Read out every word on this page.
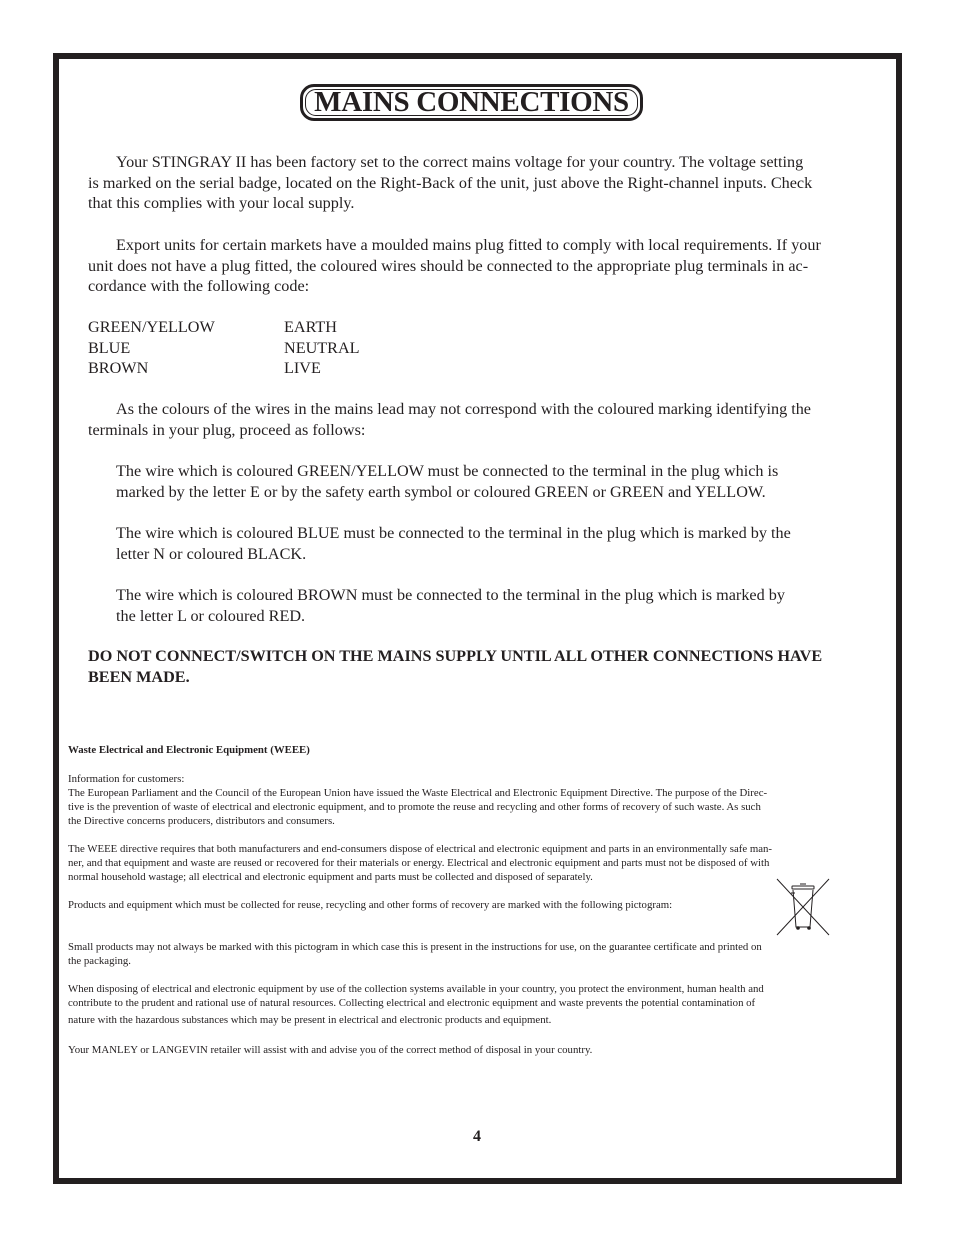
MAINS CONNECTIONS
Your STINGRAY II has been factory set to the correct mains voltage for your country. The voltage setting
is marked on the serial badge, located on the Right-Back of the unit, just above the Right-channel inputs. Check
that this complies with your local supply.
Export units for certain markets have a moulded mains plug fitted to comply with local requirements. If your
unit does not have a plug fitted, the coloured wires should be connected to the appropriate plug terminals in ac-
cordance with the following code:
GREEN/YELLOW	EARTH
BLUE	NEUTRAL
BROWN	LIVE
As the colours of the wires in the mains lead may not correspond with the coloured marking identifying the
terminals in your plug, proceed as follows:
The wire which is coloured GREEN/YELLOW must be connected to the terminal in the plug which is
marked by the letter E or by the safety earth symbol or coloured GREEN or GREEN and YELLOW.
The wire which is coloured BLUE must be connected to the terminal in the plug which is marked by the
letter N or coloured BLACK.
The wire which is coloured BROWN must be connected to the terminal in the plug which is marked by
the letter L or coloured RED.
DO NOT CONNECT/SWITCH ON THE MAINS SUPPLY UNTIL ALL OTHER CONNECTIONS HAVE
BEEN MADE.
Waste Electrical and Electronic Equipment (WEEE)
Information for customers:
The European Parliament and the Council of the European Union have issued the Waste Electrical and Electronic Equipment Directive. The purpose of the Direc-
tive is the prevention of waste of electrical and electronic equipment, and to promote the reuse and recycling and other forms of recovery of such waste. As such
the Directive concerns producers, distributors and consumers.
The WEEE directive requires that both manufacturers and end-consumers dispose of electrical and electronic equipment and parts in an environmentally safe man-
ner, and that equipment and waste are reused or recovered for their materials or energy. Electrical and electronic equipment and parts must not be disposed of with
normal household wastage; all electrical and electronic equipment and parts must be collected and disposed of separately.
Products and equipment which must be collected for reuse, recycling and other forms of recovery are marked with the following pictogram:
Small products may not always be marked with this pictogram in which case this is present in the instructions for use, on the guarantee certificate and printed on
the packaging.
When disposing of electrical and electronic equipment by use of the collection systems available in your country, you protect the environment, human health and
contribute to the prudent and rational use of natural resources. Collecting electrical and electronic equipment and waste prevents the potential contamination of
nature with the hazardous substances which may be present in electrical and electronic products and equipment.
Your MANLEY or LANGEVIN retailer will assist with and advise you of the correct method of disposal in your country.
4
